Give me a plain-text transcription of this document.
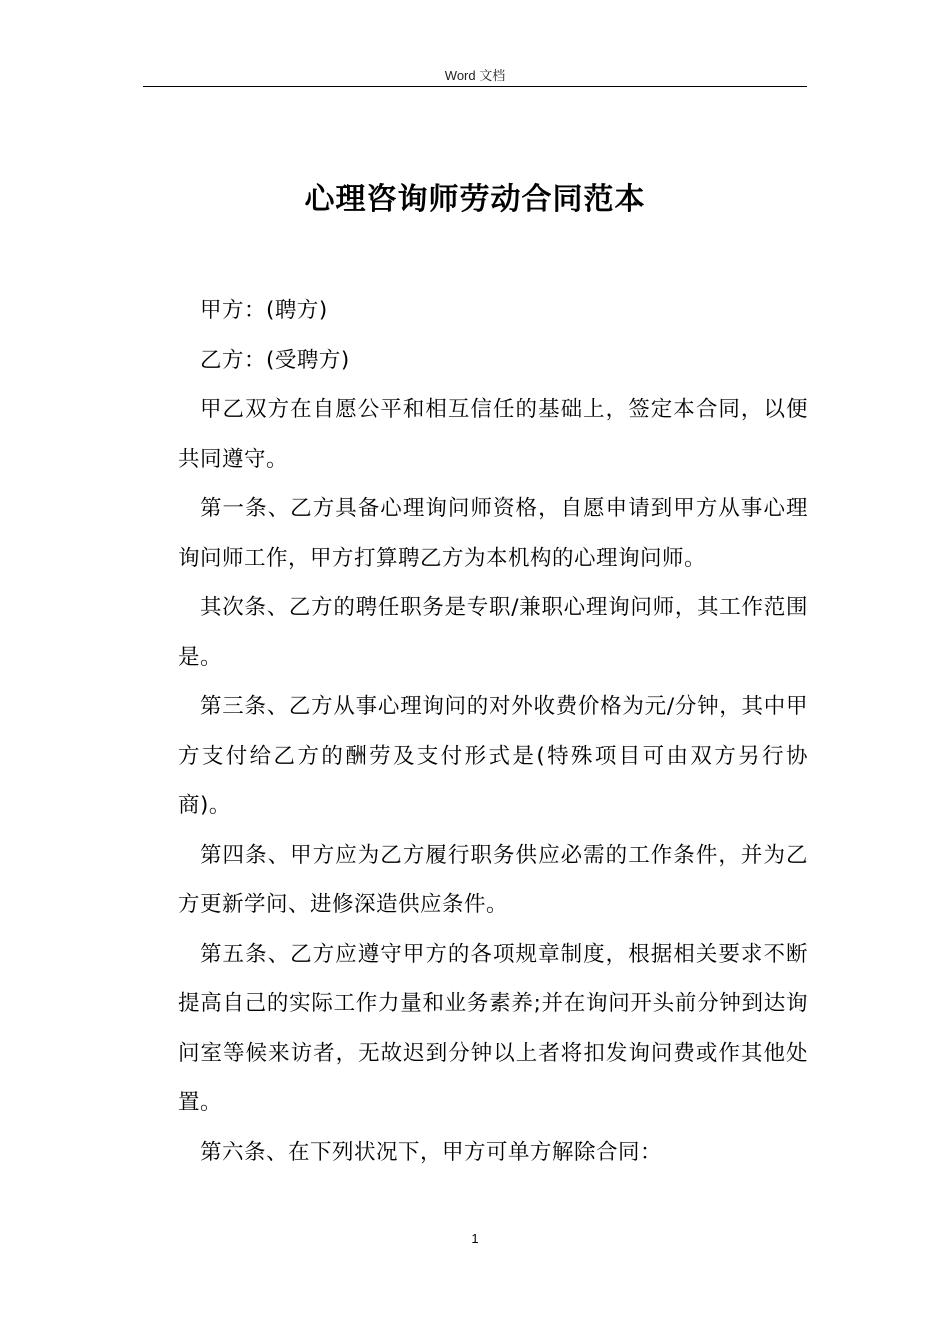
Word 文档
心理咨询师劳动合同范本

甲方：(聘方)

乙方：(受聘方)

甲乙双方在自愿公平和相互信任的基础上，签定本合同，以便共同遵守。

第一条、乙方具备心理询问师资格，自愿申请到甲方从事心理询问师工作，甲方打算聘乙方为本机构的心理询问师。

其次条、乙方的聘任职务是专职/兼职心理询问师，其工作范围是。

第三条、乙方从事心理询问的对外收费价格为元/分钟，其中甲方支付给乙方的酬劳及支付形式是(特殊项目可由双方另行协商)。

第四条、甲方应为乙方履行职务供应必需的工作条件，并为乙方更新学问、进修深造供应条件。

第五条、乙方应遵守甲方的各项规章制度，根据相关要求不断提高自己的实际工作力量和业务素养;并在询问开头前分钟到达询问室等候来访者，无故迟到分钟以上者将扣发询问费或作其他处置。

第六条、在下列状况下，甲方可单方解除合同：

1
